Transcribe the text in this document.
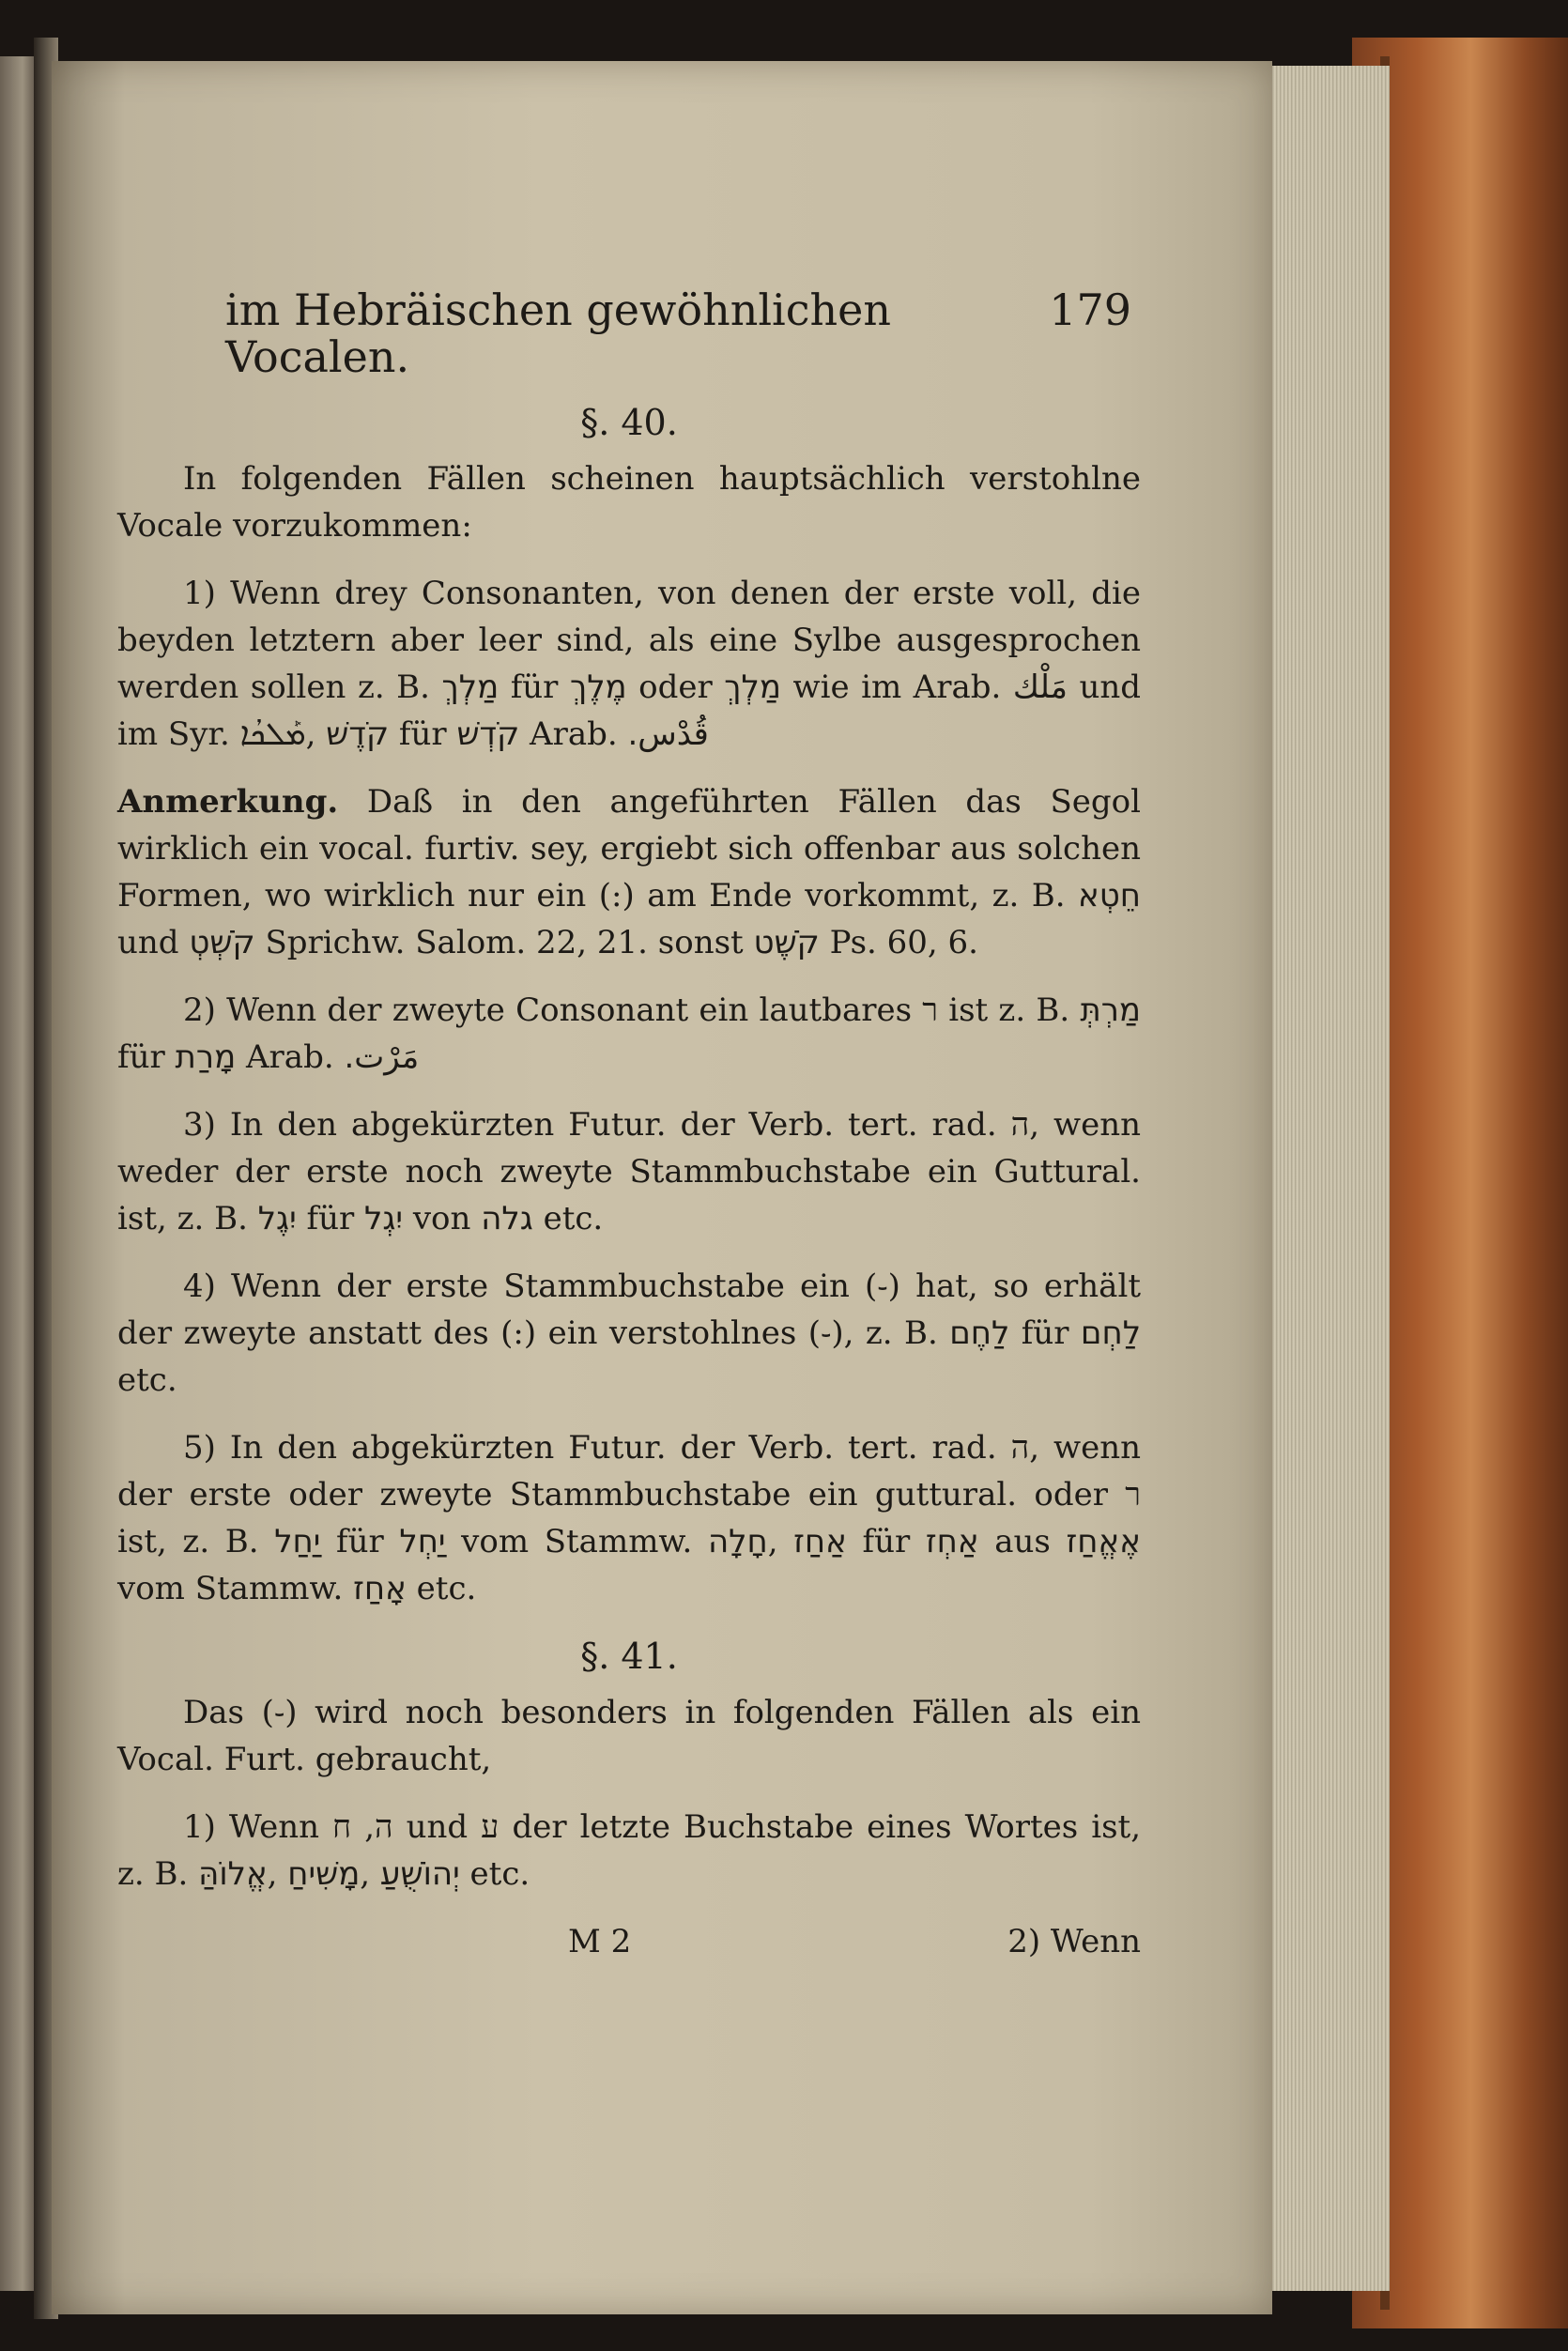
im Hebräischen gewöhnlichen Vocalen.
179
§. 40.

In folgenden Fällen scheinen hauptsächlich verstohlne Vocale vorzukommen:

1) Wenn drey Consonanten, von denen der erste voll, die beyden letztern aber leer sind, als eine Sylbe ausgesprochen werden sollen z. B. מַלְךְ für מֶלֶךְ oder מַלְךְ wie im Arab. مَلْك und im Syr. ܡܰܠܟܳܐ, קֹדֶשׁ für קֹדְשׁ Arab. قُدْس.

Anmerkung. Daß in den angeführten Fällen das Segol wirklich ein vocal. furtiv. sey, ergiebt sich offenbar aus solchen Formen, wo wirklich nur ein (:) am Ende vorkommt, z. B. חֵטְא und קֹשְׁטְ Sprichw. Salom. 22, 21. sonst קֹשֶׁט Ps. 60, 6.

2) Wenn der zweyte Consonant ein lautbares ר ist z. B. מַרְתְּ für מָרַת Arab. مَرْت.

3) In den abgekürzten Futur. der Verb. tert. rad. ה, wenn weder der erste noch zweyte Stammbuchstabe ein Guttural. ist, z. B. יִגֶל für יִגְל von גלה etc.

4) Wenn der erste Stammbuchstabe ein (֊) hat, so erhält der zweyte anstatt des (:) ein verstohlnes (֊), z. B. לַחֶם für לַחְם etc.

5) In den abgekürzten Futur. der Verb. tert. rad. ה, wenn der erste oder zweyte Stammbuchstabe ein guttural. oder ר ist, z. B. יַחַל für יַחְל vom Stammw. חָלָה, אַחַז für אַחְז aus אֶאֱחַז vom Stammw. אָחַז etc.

§. 41.

Das (֊) wird noch besonders in folgenden Fällen als ein Vocal. Furt. gebraucht,

1) Wenn ה, ח und ע der letzte Buchstabe eines Wortes ist, z. B. אֱלוֹהַּ, מָשִׁיחַ, יְהוֹשֻׁעַ etc.

M 2	2) Wenn
